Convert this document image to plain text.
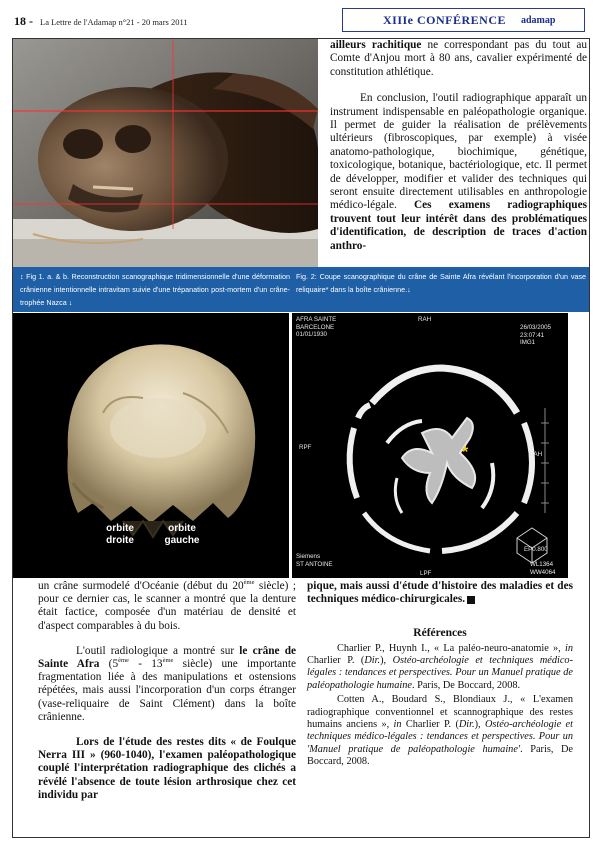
18 - La Lettre de l'Adamap n°21 - 20 mars 2011	XIIIe CONFÉRENCE adamap

ailleurs rachitique ne correspondant pas du tout au Comte d'Anjou mort à 80 ans, cavalier expérimenté de constitution athlétique.

En conclusion, l'outil radiographique apparaît un instrument indispensable en paléopathologie organique. Il permet de guider la réalisation de prélèvements ultérieurs (fibroscopiques, par exemple) à visée anatomo-pathologique, biochimique, génétique, toxicologique, botanique, bactériologique, etc. Il permet de développer, modifier et valider des techniques qui seront ensuite directement utilisables en anthropologie médico-légale. Ces examens radiographiques trouvent tout leur intérêt dans des problématiques d'identification, de description de traces d'action anthro-

↕ Fig 1. a. & b. Reconstruction scanographique tridimensionnelle d'une déformation crânienne intentionnelle intravitam suivie d'une trépanation post-mortem d'un crâne-trophée Nazca ↓
Fig. 2: Coupe scanographique du crâne de Sainte Afra révélant l'incorporation d'un vase reliquaire* dans la boîte crânienne.↓
orbite
droite
orbite
gauche
AFRA SAINTE
BARCELONE
01/01/1930
RAH
26/03/2005
23:07:41
IMG1
RPF
LAH
*
EP0.800
Siemens
ST ANTOINE
LPF
WL1364
WW4064

un crâne surmodelé d'Océanie (début du 20ème siècle) ; pour ce dernier cas, le scanner a montré que la denture était factice, composée d'un matériau de densité et d'aspect comparables à du bois.

L'outil radiologique a montré sur le crâne de Sainte Afra (5ème - 13ème siècle) une importante fragmentation liée à des manipulations et ostensions répétées, mais aussi l'incorporation d'un corps étranger (vase-reliquaire de Saint Clément) dans la boîte crânienne.

Lors de l'étude des restes dits « de Foulque Nerra III » (960-1040), l'examen paléopathologique couplé l'interprétation radiographique des clichés a révélé l'absence de toute lésion arthrosique chez cet individu par

pique, mais aussi d'étude d'histoire des maladies et des techniques médico-chirurgicales.

Références

Charlier P., Huynh I., « La paléo-neuro-anatomie », in Charlier P. (Dir.), Ostéo-archéologie et techniques médico-légales : tendances et perspectives. Pour un Manuel pratique de paléopathologie humaine. Paris, De Boccard, 2008.

Cotten A., Boudard S., Blondiaux J., « L'examen radiographique conventionnel et scannographique des restes humains anciens », in Charlier P. (Dir.), Ostéo-archéologie et techniques médico-légales : tendances et perspectives. Pour un 'Manuel pratique de paléopathologie humaine'. Paris, De Boccard, 2008.
